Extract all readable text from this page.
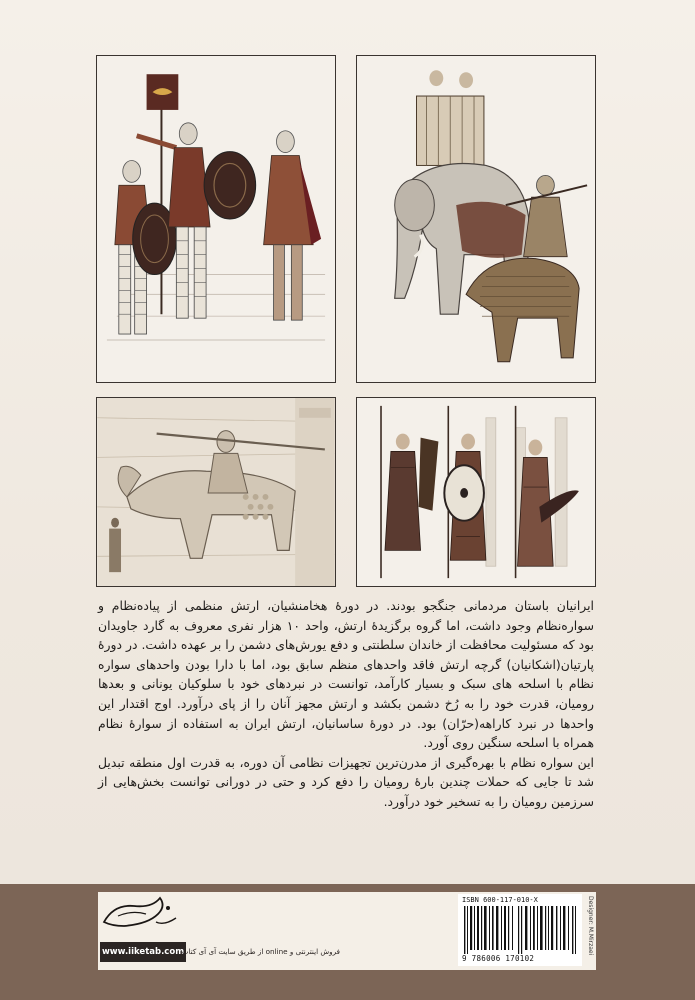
ایرانیان باستان مردمانی جنگجو بودند. در دورهٔ هخامنشیان، ارتش منظمی از پیاده‌نظام و سواره‌نظام وجود داشت، اما گروه برگزیدهٔ ارتش، واحد ۱۰ هزار نفری معروف به گارد جاویدان بود که مسئولیت محافظت از خاندان سلطنتی و دفع یورش‌های دشمن را بر عهده داشت. در دورهٔ پارتیان(اشکانیان) گرچه ارتش فاقد واحدهای منظم سابق بود، اما با دارا بودن واحدهای سواره نظام با اسلحه های سبک و بسیار کارآمد، توانست در نبردهای خود با سلوکیان یونانی و بعدها رومیان، قدرت خود را به رُخ دشمن بکشد و ارتش مجهز آنان را از پای درآورد. اوج اقتدار این واحدها در نبرد کاراهه(حرّان) بود. در دورهٔ ساسانیان، ارتش ایران به استفاده از سوارهٔ نظام همراه با اسلحه سنگین روی آورد.

این سواره نظام با بهره‌گیری از مدرن‌ترین تجهیزات نظامی آن دوره، به قدرت اول منطقه تبدیل شد تا جایی که حملات چندین بارهٔ رومیان را دفع کرد و حتی در دورانی توانست بخش‌هایی از سرزمین رومیان را به تسخیر خود درآورد.

www.iiketab.com
فروش اینترنتی و online از طریق سایت آی آی کتاب
ISBN 600-117-010-X
9 786006 170102
Designer: M.Mirzaei
